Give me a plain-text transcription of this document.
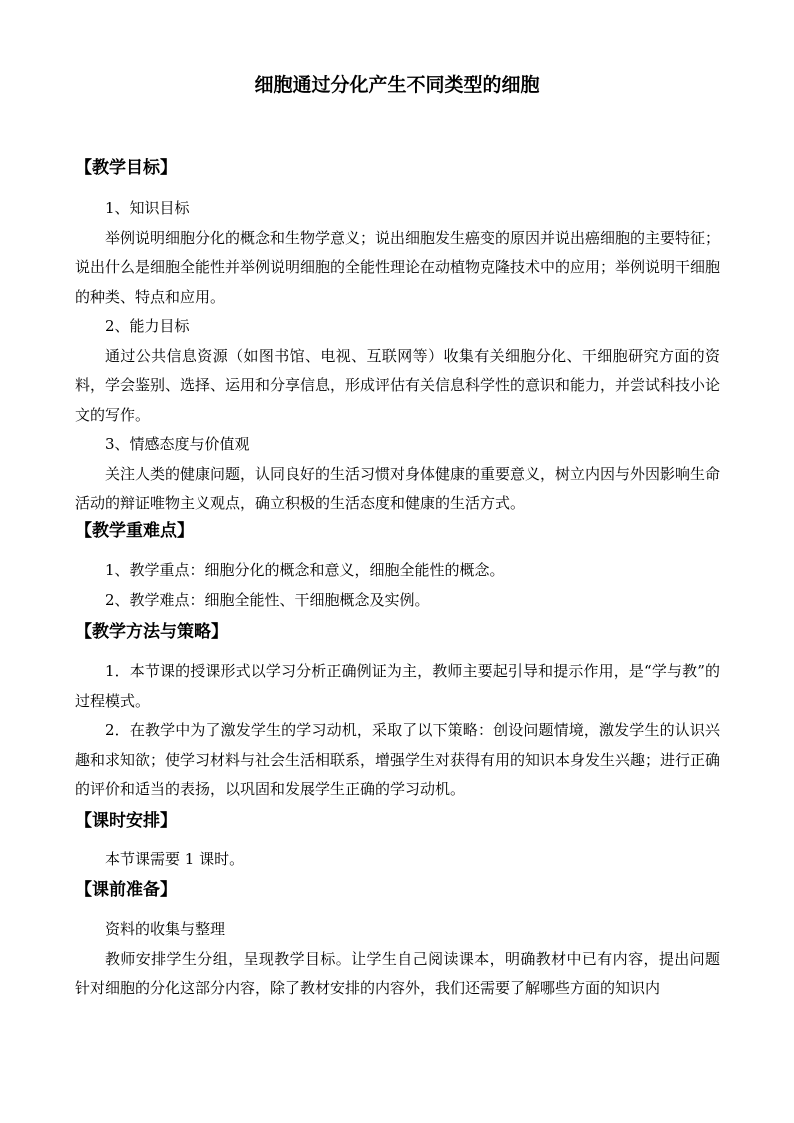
细胞通过分化产生不同类型的细胞
【教学目标】

1、知识目标

举例说明细胞分化的概念和生物学意义；说出细胞发生癌变的原因并说出癌细胞的主要特征；说出什么是细胞全能性并举例说明细胞的全能性理论在动植物克隆技术中的应用；举例说明干细胞的种类、特点和应用。

2、能力目标

通过公共信息资源（如图书馆、电视、互联网等）收集有关细胞分化、干细胞研究方面的资料，学会鉴别、选择、运用和分享信息，形成评估有关信息科学性的意识和能力，并尝试科技小论文的写作。

3、情感态度与价值观

关注人类的健康问题，认同良好的生活习惯对身体健康的重要意义，树立内因与外因影响生命活动的辩证唯物主义观点，确立积极的生活态度和健康的生活方式。

【教学重难点】

1、教学重点：细胞分化的概念和意义，细胞全能性的概念。

2、教学难点：细胞全能性、干细胞概念及实例。

【教学方法与策略】

1．本节课的授课形式以学习分析正确例证为主，教师主要起引导和提示作用，是“学与教”的过程模式。

2．在教学中为了激发学生的学习动机，采取了以下策略：创设问题情境，激发学生的认识兴趣和求知欲；使学习材料与社会生活相联系，增强学生对获得有用的知识本身发生兴趣；进行正确的评价和适当的表扬，以巩固和发展学生正确的学习动机。

【课时安排】

本节课需要 1 课时。

【课前准备】

资料的收集与整理

教师安排学生分组，呈现教学目标。让学生自己阅读课本，明确教材中已有内容，提出问题 针对细胞的分化这部分内容，除了教材安排的内容外，我们还需要了解哪些方面的知识内
